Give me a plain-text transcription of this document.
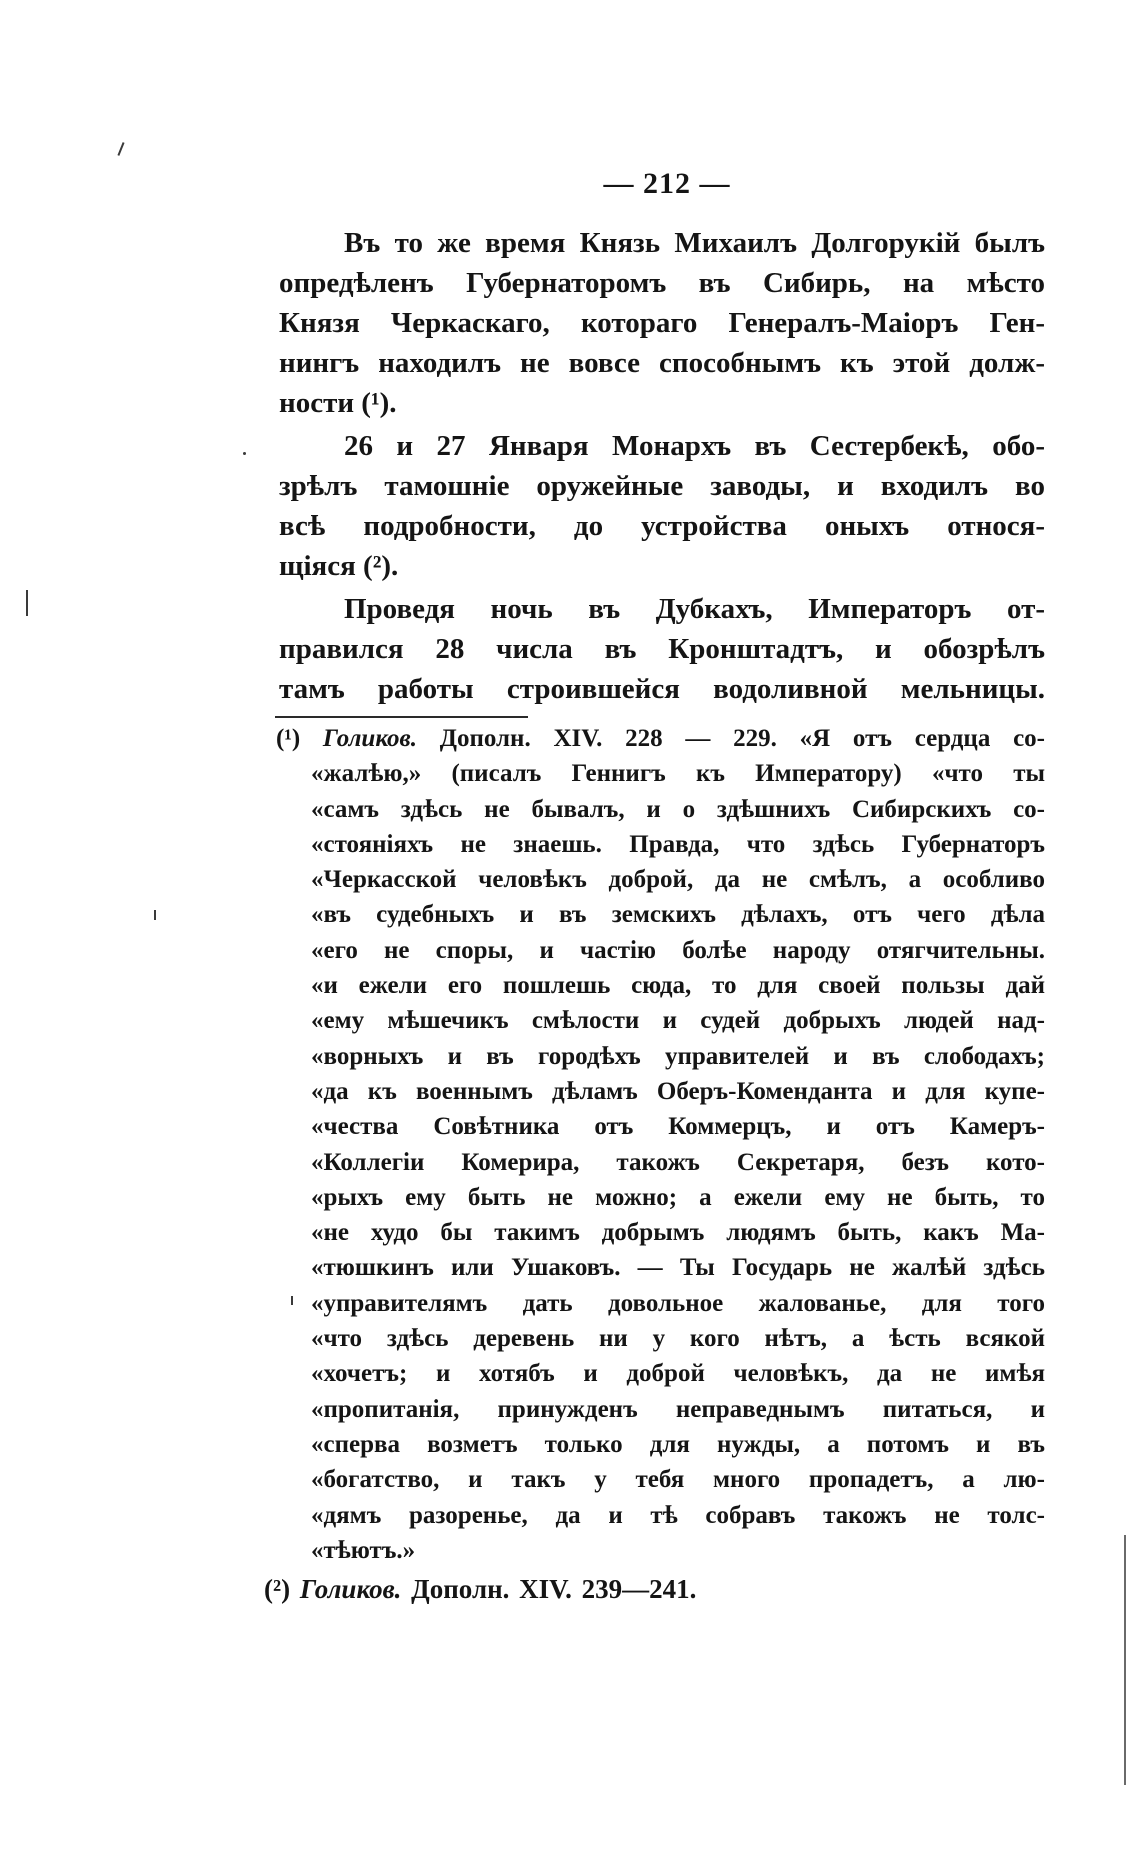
— 212 —
Въ то же время Князь Михаилъ Долгорукій былъ
опредѣленъ Губернаторомъ въ Сибирь, на мѣсто
Князя Черкаскаго, котораго Генералъ-Маіоръ Ген-
нингъ находилъ не вовсе способнымъ къ этой долж-
ности (¹).
26 и 27 Января Монархъ въ Сестербекѣ, обо-
зрѣлъ тамошніе оружейные заводы, и входилъ во
всѣ подробности, до устройства оныхъ относя-
щіяся (²).
Проведя ночь въ Дубкахъ, Императоръ от-
правился 28 числа въ Кронштадтъ, и обозрѣлъ
тамъ работы строившейся водоливной мельницы.
(¹) Голиков. Дополн. XIV. 228 — 229. «Я отъ сердца со-
«жалѣю,» (писалъ Геннигъ къ Императору) «что ты
«самъ здѣсь не бывалъ, и о здѣшнихъ Сибирскихъ со-
«стояніяхъ не знаешь. Правда, что здѣсь Губернаторъ
«Черкасской человѣкъ доброй, да не смѣлъ, а особливо
«въ судебныхъ и въ земскихъ дѣлахъ, отъ чего дѣла
«его не споры, и частію болѣе народу отягчительны.
«и ежели его пошлешь сюда, то для своей пользы дай
«ему мѣшечикъ смѣлости и судей добрыхъ людей над-
«ворныхъ и въ городѣхъ управителей и въ слободахъ;
«да къ военнымъ дѣламъ Оберъ-Коменданта и для купе-
«чества Совѣтника отъ Коммерцъ, и отъ Камеръ-
«Коллегіи Комерира, такожъ Секретаря, безъ кото-
«рыхъ ему быть не можно; а ежели ему не быть, то
«не худо бы такимъ добрымъ людямъ быть, какъ Ма-
«тюшкинъ или Ушаковъ. — Ты Государь не жалѣй здѣсь
«управителямъ дать довольное жалованье, для того
«что здѣсь деревень ни у кого нѣтъ, а ѣсть всякой
«хочетъ; и хотябъ и доброй человѣкъ, да не имѣя
«пропитанія, принужденъ неправеднымъ питаться, и
«сперва возметъ только для нужды, а потомъ и въ
«богатство, и такъ у тебя много пропадетъ, а лю-
«дямъ разоренье, да и тѣ собравъ такожъ не толс-
«тѣютъ.»
(²) Голиков. Дополн. XIV. 239—241.
